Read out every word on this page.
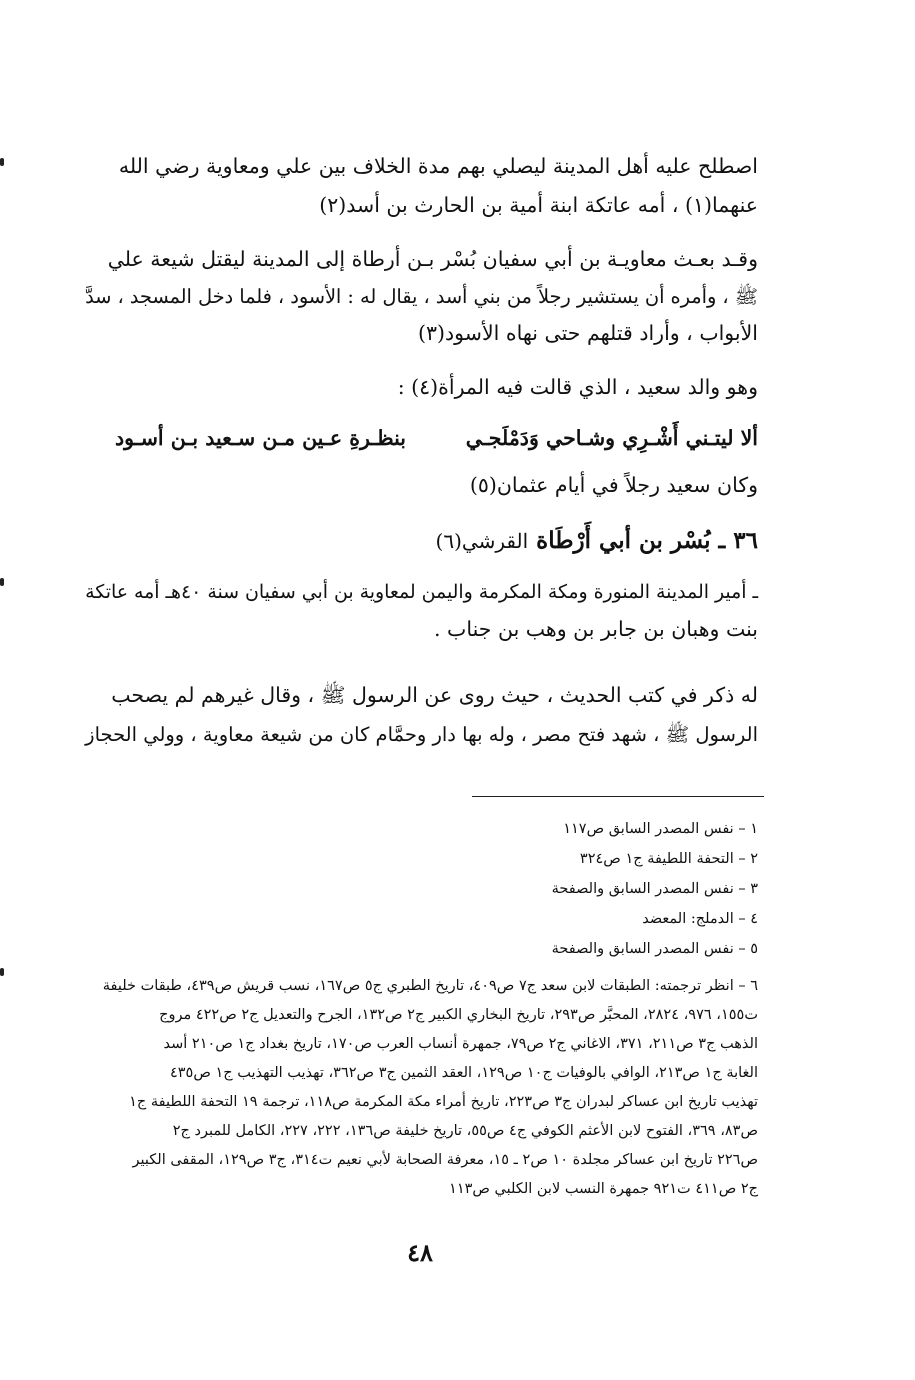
اصطلح عليه أهل المدينة ليصلي بهم مدة الخلاف بين علي ومعاوية رضي الله
عنهما(١) ، أمه عاتكة ابنة أمية بن الحارث بن أسد(٢)
وقـد بعـث معاويـة بن أبي سفيان بُسْر بـن أرطاة إلى المدينة ليقتل شيعة علي
ﷺ ، وأمره أن يستشير رجلاً من بني أسد ، يقال له : الأسود ، فلما دخل المسجد ، سدَّ
الأبواب ، وأراد قتلهم حتى نهاه الأسود(٣)
وهو والد سعيد ، الذي قالت فيه المرأة(٤) :
ألا ليتـني أَشْـرِي وشـاحي وَدَمْلَجـي
بنظـرةِ عـين مـن سـعيد بـن أسـود
وكان سعيد رجلاً في أيام عثمان(٥)
٣٦ ـ بُسْر بن أبي أَرْطَاة القرشي(٦)
ـ أمير المدينة المنورة ومكة المكرمة واليمن لمعاوية بن أبي سفيان سنة ٤٠هـ أمه عاتكة
بنت وهبان بن جابر بن وهب بن جناب .
له ذكر في كتب الحديث ، حيث روى عن الرسول ﷺ ، وقال غيرهم لم يصحب
الرسول ﷺ ، شهد فتح مصر ، وله بها دار وحمَّام كان من شيعة معاوية ، وولي الحجاز
١ – نفس المصدر السابق ص١١٧
٢ – التحفة اللطيفة ج١ ص٣٢٤
٣ – نفس المصدر السابق والصفحة
٤ – الدملج: المعضد
٥ – نفس المصدر السابق والصفحة
٦ – انظر ترجمته: الطبقات لابن سعد ج٧ ص٤٠٩، تاريخ الطبري ج٥ ص١٦٧، نسب قريش ص٤٣٩، طبقات خليفة
ت١٥٥، ٩٧٦، ٢٨٢٤، المحبَّر ص٢٩٣، تاريخ البخاري الكبير ج٢ ص١٣٢، الجرح والتعديل ج٢ ص٤٢٢ مروج
الذهب ج٣ ص٢١١، ٣٧١، الاغاني ج٢ ص٧٩، جمهرة أنساب العرب ص١٧٠، تاريخ بغداد ج١ ص٢١٠ أسد
الغابة ج١ ص٢١٣، الوافي بالوفيات ج١٠ ص١٢٩، العقد الثمين ج٣ ص٣٦٢، تهذيب التهذيب ج١ ص٤٣٥
تهذيب تاريخ ابن عساكر لبدران ج٣ ص٢٢٣، تاريخ أمراء مكة المكرمة ص١١٨، ترجمة ١٩ التحفة اللطيفة ج١
ص٨٣، ٣٦٩، الفتوح لابن الأعثم الكوفي ج٤ ص٥٥، تاريخ خليفة ص١٣٦، ٢٢٢، ٢٢٧، الكامل للمبرد ج٢
ص٢٢٦ تاريخ ابن عساكر مجلدة ١٠ ص٢ ـ ١٥، معرفة الصحابة لأبي نعيم ت٣١٤، ج٣ ص١٢٩، المقفى الكبير
ج٢ ص٤١١ ت٩٢١ جمهرة النسب لابن الكلبي ص١١٣
٤٨
